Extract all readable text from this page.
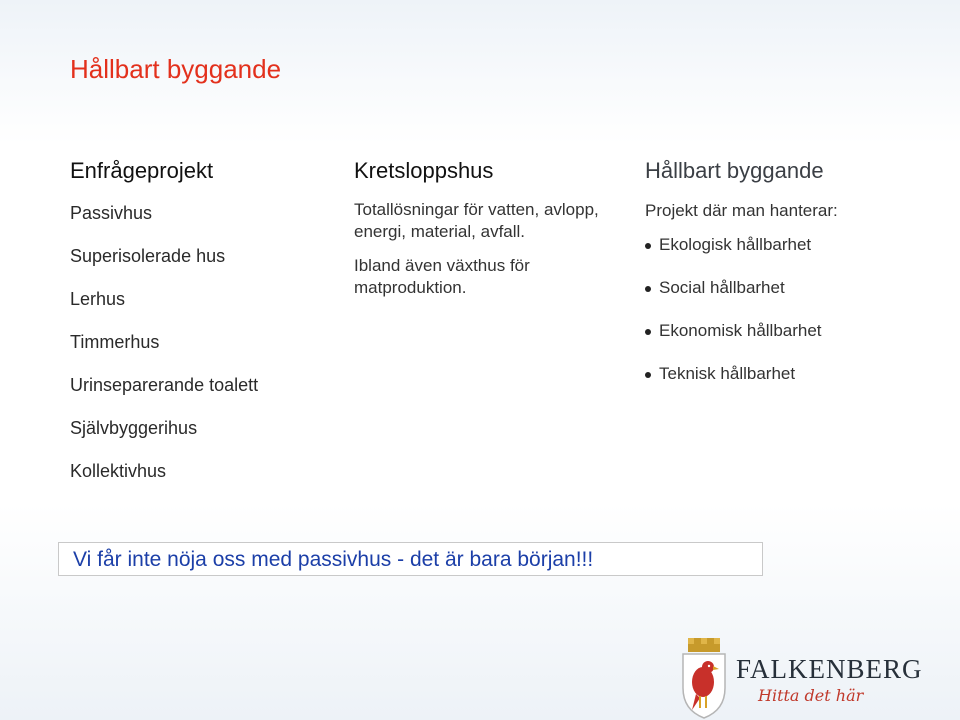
Hållbart byggande
Enfrågeprojekt
Passivhus
Superisolerade hus
Lerhus
Timmerhus
Urinseparerande toalett
Självbyggerihus
Kollektivhus
Kretsloppshus

Totallösningar för vatten, avlopp, energi, material, avfall.

Ibland även växthus för matproduktion.

Hållbart byggande

Projekt där man hanterar:

Ekologisk hållbarhet
Social hållbarhet
Ekonomisk hållbarhet
Teknisk hållbarhet
Vi får inte nöja oss med passivhus - det är bara början!!!
FALKENBERG
Hitta det här
